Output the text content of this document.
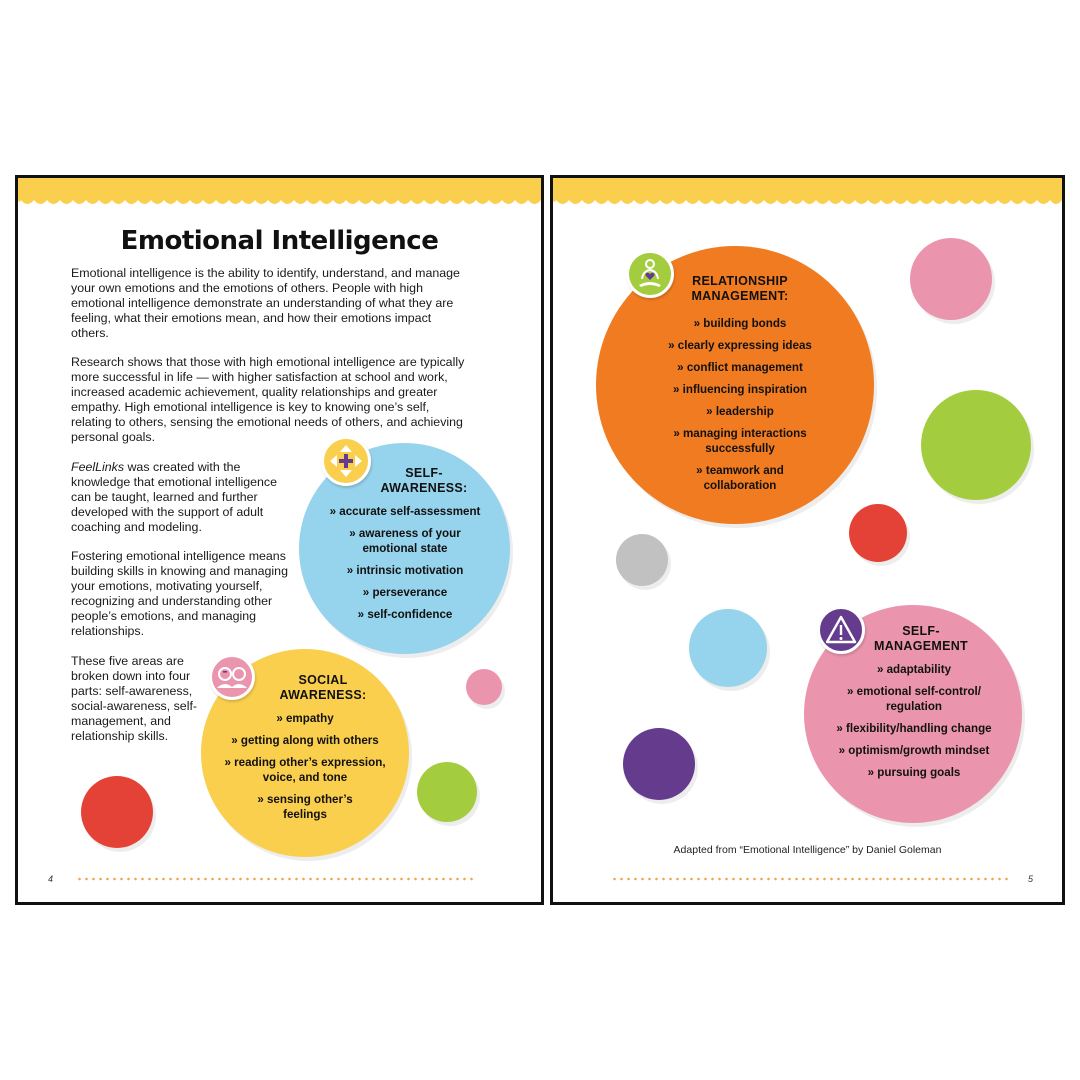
Emotional Intelligence

Emotional intelligence is the ability to identify, understand, and manage your own emotions and the emotions of others. People with high emotional intelligence demonstrate an understanding of what they are feeling, what their emotions mean, and how their emotions impact others.

Research shows that those with high emotional intelligence are typically more successful in life — with higher satisfaction at school and work, increased academic achievement, quality relationships and greater empathy. High emotional intelligence is key to knowing one’s self, relating to others, sensing the emotional needs of others, and achieving personal goals.

FeelLinks was created with the knowledge that emotional intelligence can be taught, learned and further developed with the support of adult coaching and modeling.

Fostering emotional intelligence means building skills in knowing and managing your emotions, motivating yourself, recognizing and understanding other people’s emotions, and managing relationships.

These five areas are broken down into four parts: self-awareness, social-awareness, self-management, and relationship skills.

SELF-
AWARENESS:
» accurate self-assessment
» awareness of your emotional state
» intrinsic motivation
» perseverance
» self-confidence
SOCIAL
AWARENESS:
» empathy
» getting along with others
» reading other’s expression, voice, and tone
» sensing other’s feelings
4
RELATIONSHIP
MANAGEMENT:
» building bonds
» clearly expressing ideas
» conflict management
» influencing inspiration
» leadership
» managing interactions successfully
» teamwork and collaboration
SELF-
MANAGEMENT
» adaptability
» emotional self-control/ regulation
» flexibility/handling change
» optimism/growth mindset
» pursuing goals
Adapted from “Emotional Intelligence” by Daniel Goleman
5
